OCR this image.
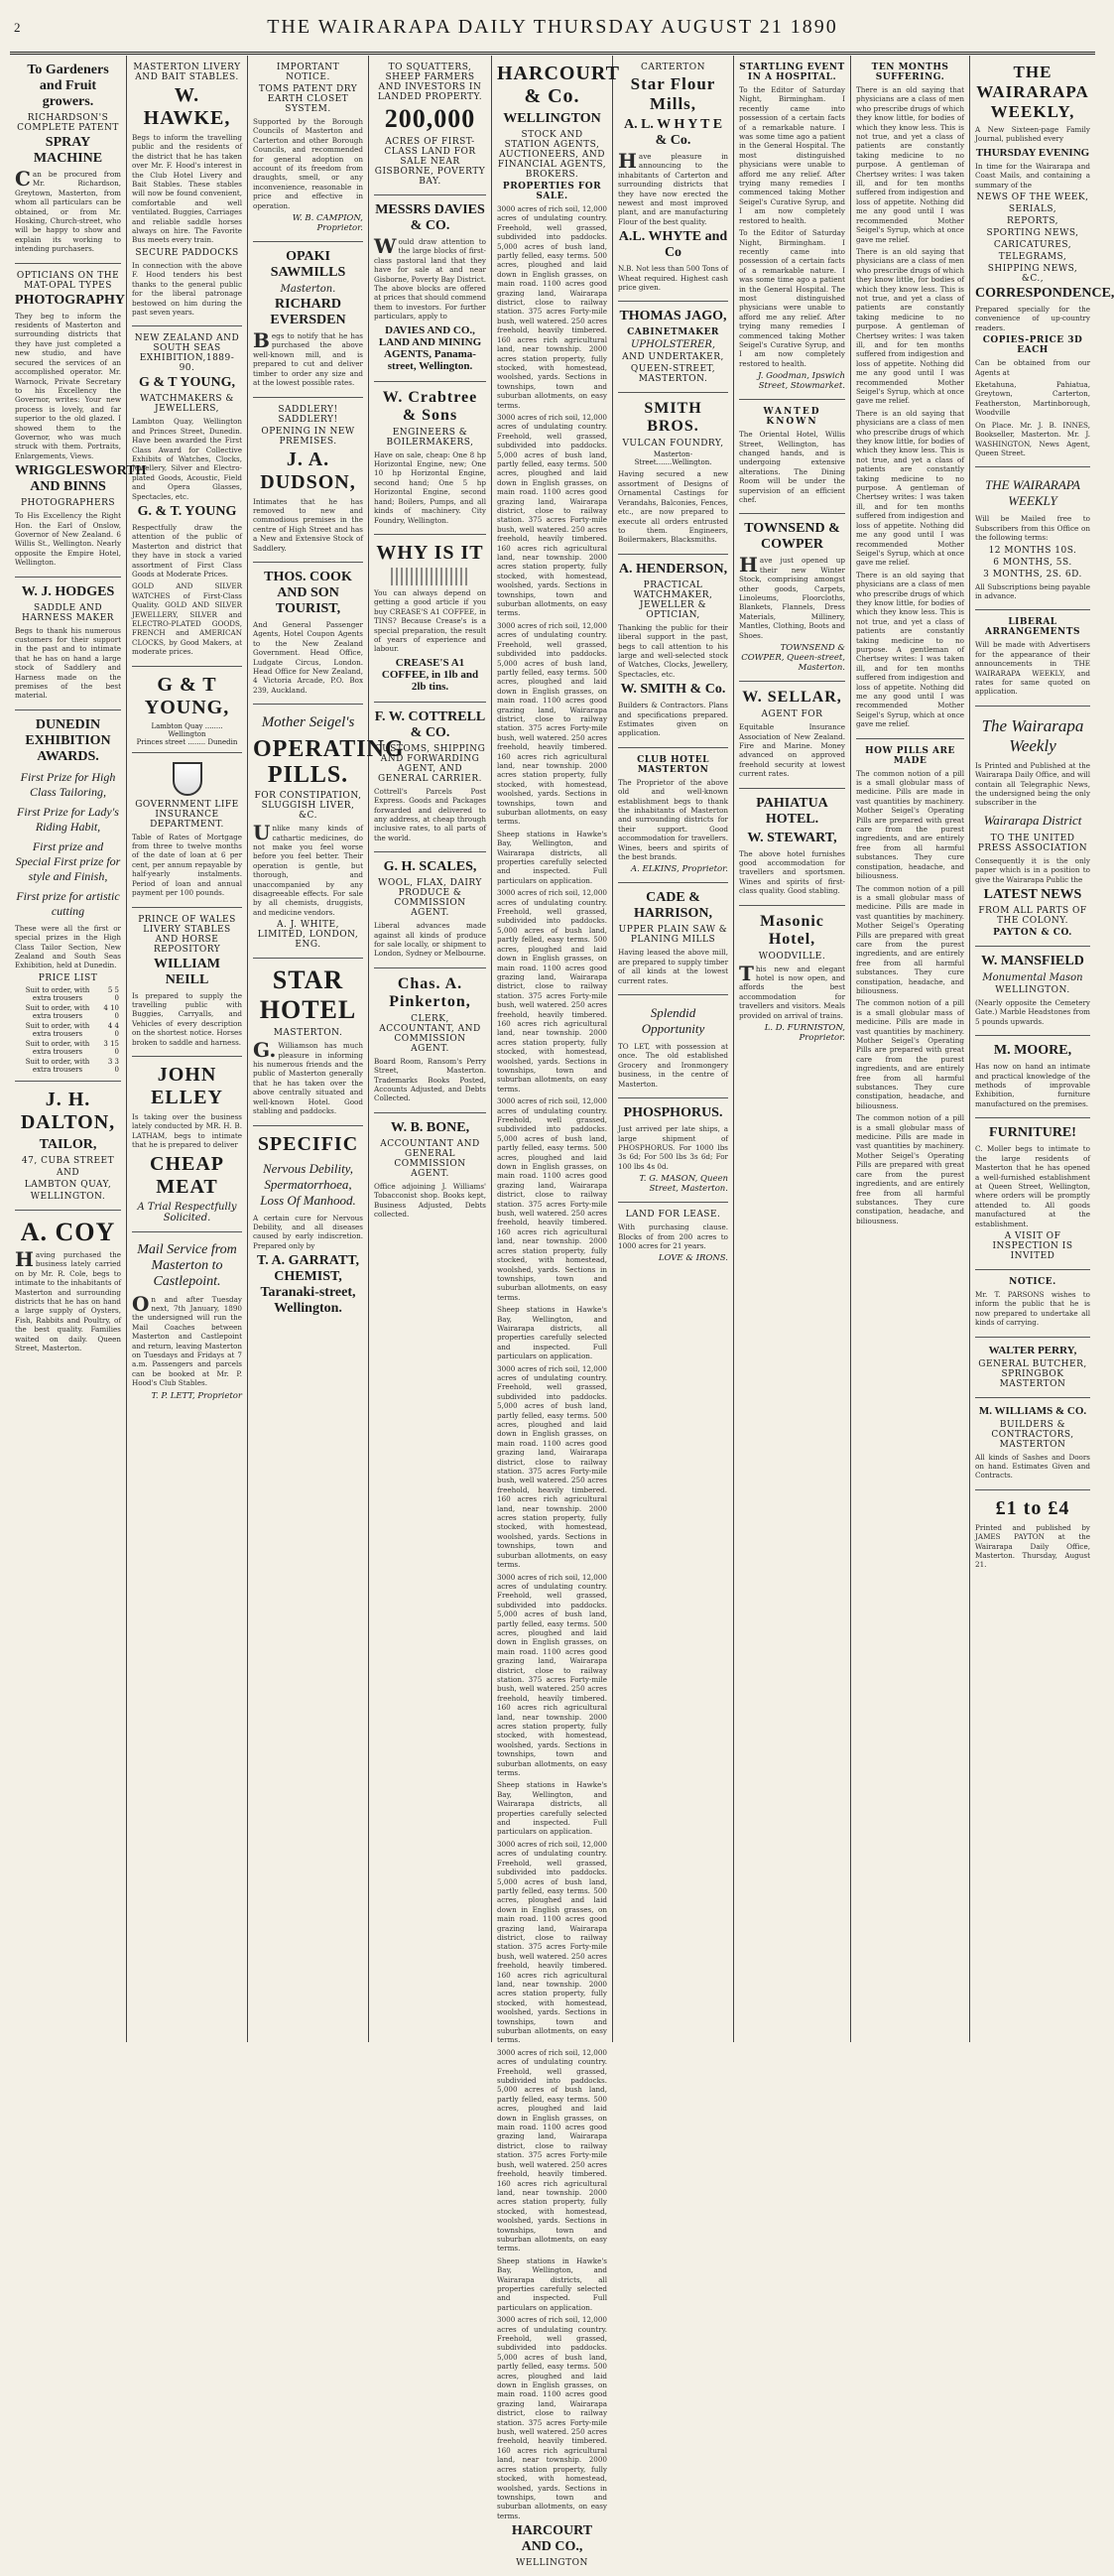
2	THE WAIRARAPA DAILY THURSDAY AUGUST 21 1890
To Gardeners and Fruit growers.
RICHARDSON'S COMPLETE PATENT
SPRAY MACHINE
Can be procured from Mr. Richardson, Greytown, Masterton, from whom all particulars can be obtained, or from Mr. Hosking, Church-street, who will be happy to show and explain its working to intending purchasers.
OPTICIANS ON THE MAT-OPAL TYPES
PHOTOGRAPHY
They beg to inform the residents of Masterton and surrounding districts that they have just completed a new studio, and have secured the services of an accomplished operator. Mr. Warnock, Private Secretary to his Excellency the Governor, writes: Your new process is lovely, and far superior to the old glazed. I showed them to the Governor, who was much struck with them. Portraits, Enlargements, Views.
WRIGGLESWORTH AND BINNS
PHOTOGRAPHERS
To His Excellency the Right Hon. the Earl of Onslow, Governor of New Zealand. 6 Willis St., Wellington. Nearly opposite the Empire Hotel, Wellington.
W. J. HODGES
SADDLE AND HARNESS MAKER
Begs to thank his numerous customers for their support in the past and to intimate that he has on hand a large stock of Saddlery and Harness made on the premises of the best material.
DUNEDIN EXHIBITION AWARDS.
First Prize for High Class Tailoring,
First Prize for Lady's Riding Habit,
First prize and Special First prize for style and Finish,
First prize for artistic cutting
These were all the first or special prizes in the High Class Tailor Section, New Zealand and South Seas Exhibition, held at Dunedin.
PRICE LIST
Suit to order, with extra trousers	5 5 0
Suit to order, with extra trousers	4 10 0
Suit to order, with extra trousers	4 4 0
Suit to order, with extra trousers	3 15 0
Suit to order, with extra trousers	3 3 0
J. H. DALTON,
TAILOR,
47, CUBA STREET
AND
LAMBTON QUAY,
WELLINGTON.
A. COY
Having purchased the business lately carried on by Mr. R. Cole, begs to intimate to the inhabitants of Masterton and surrounding districts that he has on hand a large supply of Oysters, Fish, Rabbits and Poultry, of the best quality. Families waited on daily. Queen Street, Masterton.
MASTERTON LIVERY AND BAIT STABLES.
W. HAWKE,
Begs to inform the travelling public and the residents of the district that he has taken over Mr. F. Hood's interest in the Club Hotel Livery and Bait Stables. These stables will now be found convenient, comfortable and well ventilated. Buggies, Carriages and reliable saddle horses always on hire. The Favorite Bus meets every train.
SECURE PADDOCKS
In connection with the above F. Hood tenders his best thanks to the general public for the liberal patronage bestowed on him during the past seven years.
NEW ZEALAND AND SOUTH SEAS EXHIBITION,1889-90.
G & T YOUNG,
WATCHMAKERS & JEWELLERS,
Lambton Quay, Wellington and Princes Street, Dunedin. Have been awarded the First Class Award for Collective Exhibits of Watches, Clocks, Jewellery, Silver and Electro-plated Goods, Acoustic, Field and Opera Glasses, Spectacles, etc.
G. & T. YOUNG
Respectfully draw the attention of the public of Masterton and district that they have in stock a varied assortment of First Class Goods at Moderate Prices.
GOLD AND SILVER WATCHES of First-Class Quality. GOLD AND SILVER JEWELLERY, SILVER and ELECTRO-PLATED GOODS, FRENCH and AMERICAN CLOCKS, by Good Makers, at moderate prices.
G & T YOUNG,
Lambton Quay ........ Wellington
Princes street ........ Dunedin
GOVERNMENT LIFE INSURANCE DEPARTMENT.
Table of Rates of Mortgage from three to twelve months of the date of loan at 6 per cent, per annum repayable by half-yearly instalments. Period of loan and annual payment per 100 pounds.
PRINCE OF WALES LIVERY STABLES AND HORSE REPOSITORY
WILLIAM NEILL
Is prepared to supply the travelling public with Buggies, Carryalls, and Vehicles of every description on the shortest notice. Horses broken to saddle and harness.
JOHN ELLEY
Is taking over the business lately conducted by MR. H. B. LATHAM, begs to intimate that he is prepared to deliver
CHEAP MEAT
A Trial Respectfully Solicited.
Mail Service from Masterton to Castlepoint.
On and after Tuesday next, 7th January, 1890 the undersigned will run the Mail Coaches between Masterton and Castlepoint and return, leaving Masterton on Tuesdays and Fridays at 7 a.m. Passengers and parcels can be booked at Mr. P. Hood's Club Stables.
T. P. LETT, Proprietor
IMPORTANT NOTICE.
TOMS PATENT DRY EARTH CLOSET SYSTEM.
Supported by the Borough Councils of Masterton and Carterton and other Borough Councils, and recommended for general adoption on account of its freedom from draughts, smell, or any inconvenience, reasonable in price and effective in operation.
W. B. CAMPION, Proprietor.
OPAKI SAWMILLS
Masterton.
RICHARD EVERSDEN
Begs to notify that he has purchased the above well-known mill, and is prepared to cut and deliver timber to order any size and at the lowest possible rates.
SADDLERY! SADDLERY!
OPENING IN NEW PREMISES.
J. A. DUDSON,
Intimates that he has removed to new and commodious premises in the centre of High Street and has a New and Extensive Stock of Saddlery.
THOS. COOK AND SON TOURIST,
And General Passenger Agents, Hotel Coupon Agents to the New Zealand Government. Head Office, Ludgate Circus, London. Head Office for New Zealand, 4 Victoria Arcade, P.O. Box 239, Auckland.
Mother Seigel's
OPERATING PILLS.
FOR CONSTIPATION, SLUGGISH LIVER, &C.
Unlike many kinds of cathartic medicines, do not make you feel worse before you feel better. Their operation is gentle, but thorough, and unaccompanied by any disagreeable effects. For sale by all chemists, druggists, and medicine vendors.
A. J. WHITE, LIMITED, LONDON, ENG.
STAR HOTEL
MASTERTON.
G.Williamson has much pleasure in informing his numerous friends and the public of Masterton generally that he has taken over the above centrally situated and well-known Hotel. Good stabling and paddocks.
SPECIFIC
Nervous Debility, Spermatorrhoea, Loss Of Manhood.
A certain cure for Nervous Debility, and all diseases caused by early indiscretion. Prepared only by
T. A. GARRATT, CHEMIST, Taranaki-street, Wellington.
TO SQUATTERS, SHEEP FARMERS AND INVESTORS IN LANDED PROPERTY.
200,000
ACRES OF FIRST-CLASS LAND FOR SALE NEAR GISBORNE, POVERTY BAY.
MESSRS DAVIES & CO.
Would draw attention to the large blocks of first-class pastoral land that they have for sale at and near Gisborne, Poverty Bay District. The above blocks are offered at prices that should commend them to investors. For further particulars, apply to
DAVIES AND CO., LAND AND MINING AGENTS, Panama-street, Wellington.
W. Crabtree & Sons
ENGINEERS & BOILERMAKERS,
Have on sale, cheap: One 8 hp Horizontal Engine, new; One 10 hp Horizontal Engine, second hand; One 5 hp Horizontal Engine, second hand; Boilers, Pumps, and all kinds of machinery. City Foundry, Wellington.
WHY IS IT
You can always depend on getting a good article if you buy CREASE'S A1 COFFEE, in TINS? Because Crease's is a special preparation, the result of years of experience and labour.
CREASE'S A1 COFFEE, in 1lb and 2lb tins.
F. W. COTTRELL & CO.
CUSTOMS, SHIPPING AND FORWARDING AGENT, AND GENERAL CARRIER.
Cottrell's Parcels Post Express. Goods and Packages forwarded and delivered to any address, at cheap through inclusive rates, to all parts of the world.
G. H. SCALES,
WOOL, FLAX, DAIRY PRODUCE & COMMISSION AGENT.
Liberal advances made against all kinds of produce for sale locally, or shipment to London, Sydney or Melbourne.
Chas. A. Pinkerton,
CLERK, ACCOUNTANT, AND COMMISSION AGENT.
Board Room, Ransom's Perry Street, Masterton. Trademarks Books Posted, Accounts Adjusted, and Debts Collected.
W. B. BONE,
ACCOUNTANT AND GENERAL COMMISSION AGENT.
Office adjoining J. Williams' Tobacconist shop. Books kept, Business Adjusted, Debts collected.
HARCOURT & Co.
WELLINGTON
STOCK AND STATION AGENTS, AUCTIONEERS, AND FINANCIAL AGENTS, BROKERS.
PROPERTIES FOR SALE.
3000 acres of rich soil, 12,000 acres of undulating country. Freehold, well grassed, subdivided into paddocks. 5,000 acres of bush land, partly felled, easy terms. 500 acres, ploughed and laid down in English grasses, on main road. 1100 acres good grazing land, Wairarapa district, close to railway station. 375 acres Forty-mile bush, well watered. 250 acres freehold, heavily timbered. 160 acres rich agricultural land, near township. 2000 acres station property, fully stocked, with homestead, woolshed, yards. Sections in townships, town and suburban allotments, on easy terms.
3000 acres of rich soil, 12,000 acres of undulating country. Freehold, well grassed, subdivided into paddocks. 5,000 acres of bush land, partly felled, easy terms. 500 acres, ploughed and laid down in English grasses, on main road. 1100 acres good grazing land, Wairarapa district, close to railway station. 375 acres Forty-mile bush, well watered. 250 acres freehold, heavily timbered. 160 acres rich agricultural land, near township. 2000 acres station property, fully stocked, with homestead, woolshed, yards. Sections in townships, town and suburban allotments, on easy terms.
3000 acres of rich soil, 12,000 acres of undulating country. Freehold, well grassed, subdivided into paddocks. 5,000 acres of bush land, partly felled, easy terms. 500 acres, ploughed and laid down in English grasses, on main road. 1100 acres good grazing land, Wairarapa district, close to railway station. 375 acres Forty-mile bush, well watered. 250 acres freehold, heavily timbered. 160 acres rich agricultural land, near township. 2000 acres station property, fully stocked, with homestead, woolshed, yards. Sections in townships, town and suburban allotments, on easy terms.
Sheep stations in Hawke's Bay, Wellington, and Wairarapa districts, all properties carefully selected and inspected. Full particulars on application.
3000 acres of rich soil, 12,000 acres of undulating country. Freehold, well grassed, subdivided into paddocks. 5,000 acres of bush land, partly felled, easy terms. 500 acres, ploughed and laid down in English grasses, on main road. 1100 acres good grazing land, Wairarapa district, close to railway station. 375 acres Forty-mile bush, well watered. 250 acres freehold, heavily timbered. 160 acres rich agricultural land, near township. 2000 acres station property, fully stocked, with homestead, woolshed, yards. Sections in townships, town and suburban allotments, on easy terms.
3000 acres of rich soil, 12,000 acres of undulating country. Freehold, well grassed, subdivided into paddocks. 5,000 acres of bush land, partly felled, easy terms. 500 acres, ploughed and laid down in English grasses, on main road. 1100 acres good grazing land, Wairarapa district, close to railway station. 375 acres Forty-mile bush, well watered. 250 acres freehold, heavily timbered. 160 acres rich agricultural land, near township. 2000 acres station property, fully stocked, with homestead, woolshed, yards. Sections in townships, town and suburban allotments, on easy terms.
Sheep stations in Hawke's Bay, Wellington, and Wairarapa districts, all properties carefully selected and inspected. Full particulars on application.
3000 acres of rich soil, 12,000 acres of undulating country. Freehold, well grassed, subdivided into paddocks. 5,000 acres of bush land, partly felled, easy terms. 500 acres, ploughed and laid down in English grasses, on main road. 1100 acres good grazing land, Wairarapa district, close to railway station. 375 acres Forty-mile bush, well watered. 250 acres freehold, heavily timbered. 160 acres rich agricultural land, near township. 2000 acres station property, fully stocked, with homestead, woolshed, yards. Sections in townships, town and suburban allotments, on easy terms.
3000 acres of rich soil, 12,000 acres of undulating country. Freehold, well grassed, subdivided into paddocks. 5,000 acres of bush land, partly felled, easy terms. 500 acres, ploughed and laid down in English grasses, on main road. 1100 acres good grazing land, Wairarapa district, close to railway station. 375 acres Forty-mile bush, well watered. 250 acres freehold, heavily timbered. 160 acres rich agricultural land, near township. 2000 acres station property, fully stocked, with homestead, woolshed, yards. Sections in townships, town and suburban allotments, on easy terms.
Sheep stations in Hawke's Bay, Wellington, and Wairarapa districts, all properties carefully selected and inspected. Full particulars on application.
3000 acres of rich soil, 12,000 acres of undulating country. Freehold, well grassed, subdivided into paddocks. 5,000 acres of bush land, partly felled, easy terms. 500 acres, ploughed and laid down in English grasses, on main road. 1100 acres good grazing land, Wairarapa district, close to railway station. 375 acres Forty-mile bush, well watered. 250 acres freehold, heavily timbered. 160 acres rich agricultural land, near township. 2000 acres station property, fully stocked, with homestead, woolshed, yards. Sections in townships, town and suburban allotments, on easy terms.
3000 acres of rich soil, 12,000 acres of undulating country. Freehold, well grassed, subdivided into paddocks. 5,000 acres of bush land, partly felled, easy terms. 500 acres, ploughed and laid down in English grasses, on main road. 1100 acres good grazing land, Wairarapa district, close to railway station. 375 acres Forty-mile bush, well watered. 250 acres freehold, heavily timbered. 160 acres rich agricultural land, near township. 2000 acres station property, fully stocked, with homestead, woolshed, yards. Sections in townships, town and suburban allotments, on easy terms.
Sheep stations in Hawke's Bay, Wellington, and Wairarapa districts, all properties carefully selected and inspected. Full particulars on application.
3000 acres of rich soil, 12,000 acres of undulating country. Freehold, well grassed, subdivided into paddocks. 5,000 acres of bush land, partly felled, easy terms. 500 acres, ploughed and laid down in English grasses, on main road. 1100 acres good grazing land, Wairarapa district, close to railway station. 375 acres Forty-mile bush, well watered. 250 acres freehold, heavily timbered. 160 acres rich agricultural land, near township. 2000 acres station property, fully stocked, with homestead, woolshed, yards. Sections in townships, town and suburban allotments, on easy terms.
HARCOURT AND CO.,
WELLINGTON
CARTERTON
Star Flour Mills,
A. L. W H Y T E & Co.
Have pleasure in announcing to the inhabitants of Carterton and surrounding districts that they have now erected the newest and most improved plant, and are manufacturing Flour of the best quality.
A.L. WHYTE and Co
N.B. Not less than 500 Tons of Wheat required. Highest cash price given.
THOMAS JAGO,
CABINETMAKER
UPHOLSTERER,
AND UNDERTAKER,
QUEEN-STREET, MASTERTON.
SMITH BROS.
VULCAN FOUNDRY,
Masterton-Street.......Wellington.
Having secured a new assortment of Designs of Ornamental Castings for Verandahs, Balconies, Fences, etc., are now prepared to execute all orders entrusted to them. Engineers, Boilermakers, Blacksmiths.
A. HENDERSON,
PRACTICAL WATCHMAKER, JEWELLER & OPTICIAN,
Thanking the public for their liberal support in the past, begs to call attention to his large and well-selected stock of Watches, Clocks, Jewellery, Spectacles, etc.
W. SMITH & Co.
Builders & Contractors. Plans and specifications prepared. Estimates given on application.
CLUB HOTEL MASTERTON
The Proprietor of the above old and well-known establishment begs to thank the inhabitants of Masterton and surrounding districts for their support. Good accommodation for travellers. Wines, beers and spirits of the best brands.
A. ELKINS, Proprietor.
CADE & HARRISON,
UPPER PLAIN SAW & PLANING MILLS
Having leased the above mill, are prepared to supply timber of all kinds at the lowest current rates.
Splendid Opportunity
TO LET, with possession at once. The old established Grocery and Ironmongery business, in the centre of Masterton.
PHOSPHORUS.
Just arrived per late ships, a large shipment of PHOSPHORUS. For 1000 lbs 3s 6d; For 500 lbs 3s 6d; For 100 lbs 4s 0d.
T. G. MASON, Queen Street, Masterton.
LAND FOR LEASE.
With purchasing clause. Blocks of from 200 acres to 1000 acres for 21 years.
LOVE & IRONS.
STARTLING EVENT IN A HOSPITAL.
To the Editor of Saturday Night, Birmingham. I recently came into possession of a certain facts of a remarkable nature. I was some time ago a patient in the General Hospital. The most distinguished physicians were unable to afford me any relief. After trying many remedies I commenced taking Mother Seigel's Curative Syrup, and I am now completely restored to health.
To the Editor of Saturday Night, Birmingham. I recently came into possession of a certain facts of a remarkable nature. I was some time ago a patient in the General Hospital. The most distinguished physicians were unable to afford me any relief. After trying many remedies I commenced taking Mother Seigel's Curative Syrup, and I am now completely restored to health.
J. Goodman, Ipswich Street, Stowmarket.
WANTED KNOWN
The Oriental Hotel, Willis Street, Wellington, has changed hands, and is undergoing extensive alterations. The Dining Room will be under the supervision of an efficient chef.
TOWNSEND & COWPER
Have just opened up their new Winter Stock, comprising amongst other goods, Carpets, Linoleums, Floorcloths, Blankets, Flannels, Dress Materials, Millinery, Mantles, Clothing, Boots and Shoes.
TOWNSEND & COWPER, Queen-street, Masterton.
W. SELLAR,
AGENT FOR
Equitable Insurance Association of New Zealand. Fire and Marine. Money advanced on approved freehold security at lowest current rates.
PAHIATUA HOTEL.
W. STEWART,
The above hotel furnishes good accommodation for travellers and sportsmen. Wines and spirits of first-class quality. Good stabling.
Masonic Hotel,
WOODVILLE.
This new and elegant hotel is now open, and affords the best accommodation for travellers and visitors. Meals provided on arrival of trains.
L. D. FURNISTON, Proprietor.
TEN MONTHS SUFFERING.
There is an old saying that physicians are a class of men who prescribe drugs of which they know little, for bodies of which they know less. This is not true, and yet a class of patients are constantly taking medicine to no purpose. A gentleman of Chertsey writes: I was taken ill, and for ten months suffered from indigestion and loss of appetite. Nothing did me any good until I was recommended Mother Seigel's Syrup, which at once gave me relief.
There is an old saying that physicians are a class of men who prescribe drugs of which they know little, for bodies of which they know less. This is not true, and yet a class of patients are constantly taking medicine to no purpose. A gentleman of Chertsey writes: I was taken ill, and for ten months suffered from indigestion and loss of appetite. Nothing did me any good until I was recommended Mother Seigel's Syrup, which at once gave me relief.
There is an old saying that physicians are a class of men who prescribe drugs of which they know little, for bodies of which they know less. This is not true, and yet a class of patients are constantly taking medicine to no purpose. A gentleman of Chertsey writes: I was taken ill, and for ten months suffered from indigestion and loss of appetite. Nothing did me any good until I was recommended Mother Seigel's Syrup, which at once gave me relief.
There is an old saying that physicians are a class of men who prescribe drugs of which they know little, for bodies of which they know less. This is not true, and yet a class of patients are constantly taking medicine to no purpose. A gentleman of Chertsey writes: I was taken ill, and for ten months suffered from indigestion and loss of appetite. Nothing did me any good until I was recommended Mother Seigel's Syrup, which at once gave me relief.
HOW PILLS ARE MADE
The common notion of a pill is a small globular mass of medicine. Pills are made in vast quantities by machinery. Mother Seigel's Operating Pills are prepared with great care from the purest ingredients, and are entirely free from all harmful substances. They cure constipation, headache, and biliousness.
The common notion of a pill is a small globular mass of medicine. Pills are made in vast quantities by machinery. Mother Seigel's Operating Pills are prepared with great care from the purest ingredients, and are entirely free from all harmful substances. They cure constipation, headache, and biliousness.
The common notion of a pill is a small globular mass of medicine. Pills are made in vast quantities by machinery. Mother Seigel's Operating Pills are prepared with great care from the purest ingredients, and are entirely free from all harmful substances. They cure constipation, headache, and biliousness.
The common notion of a pill is a small globular mass of medicine. Pills are made in vast quantities by machinery. Mother Seigel's Operating Pills are prepared with great care from the purest ingredients, and are entirely free from all harmful substances. They cure constipation, headache, and biliousness.
THE WAIRARAPA WEEKLY,
A New Sixteen-page Family Journal, published every
THURSDAY EVENING
In time for the Wairarapa and Coast Mails, and containing a summary of the
NEWS OF THE WEEK,
SERIALS,
REPORTS,
SPORTING NEWS,
CARICATURES,
TELEGRAMS,
SHIPPING NEWS, &C.,
CORRESPONDENCE,
Prepared specially for the convenience of up-country readers.
COPIES-PRICE 3D EACH
Can be obtained from our Agents at
Eketahuna, Pahiatua, Greytown, Carterton, Featherston, Martinborough, Woodville
On Place. Mr. J. B. INNES, Bookseller, Masterton. Mr. J. WASHINGTON, News Agent, Queen Street.
THE WAIRARAPA WEEKLY
Will be Mailed free to Subscribers from this Office on the following terms:
12 MONTHS 10S.
6 MONTHS, 5S.
3 MONTHS, 2S. 6D.
All Subscriptions being payable in advance.
LIBERAL ARRANGEMENTS
Will be made with Advertisers for the appearance of their announcements in THE WAIRARAPA WEEKLY, and rates for same quoted on application.
The Wairarapa Weekly
Is Printed and Published at the Wairarapa Daily Office, and will contain all Telegraphic News, the undersigned being the only subscriber in the
Wairarapa District
TO THE UNITED PRESS ASSOCIATION
Consequently it is the only paper which is in a position to give the Wairarapa Public the
LATEST NEWS
FROM ALL PARTS OF THE COLONY.
PAYTON & CO.
W. MANSFIELD
Monumental Mason
WELLINGTON.
(Nearly opposite the Cemetery Gate.) Marble Headstones from 5 pounds upwards.
M. MOORE,
Has now on hand an intimate and practical knowledge of the methods of improvable Exhibition, furniture manufactured on the premises.
FURNITURE!
C. Moller begs to intimate to the large residents of Masterton that he has opened a well-furnished establishment at Queen Street, Wellington, where orders will be promptly attended to. All goods manufactured at the establishment.
A VISIT OF INSPECTION IS INVITED
NOTICE.
Mr. T. PARSONS wishes to inform the public that he is now prepared to undertake all kinds of carrying.
WALTER PERRY,
GENERAL BUTCHER, SPRINGBOK MASTERTON
M. WILLIAMS & CO.
BUILDERS & CONTRACTORS, MASTERTON
All kinds of Sashes and Doors on hand. Estimates Given and Contracts.
£1 to £4
Printed and published by JAMES PAYTON at the Wairarapa Daily Office, Masterton. Thursday, August 21.
